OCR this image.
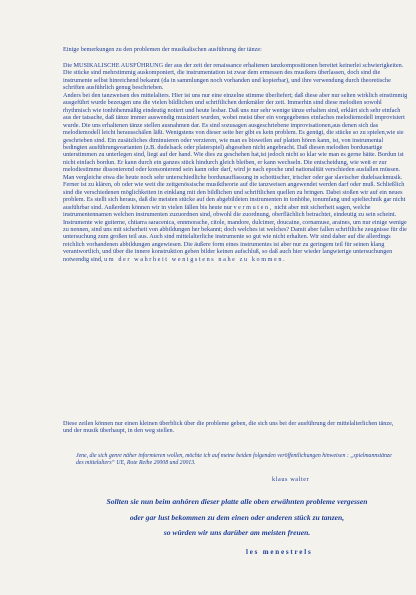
Einige bemerkungen zu den problemen der musikalischen ausführung der tänze:

Die MUSIKALISCHE AUSFÜHRUNG der aus der zeit der renaissance erhaltenen tanzkompositionen bereitet keinerlei schwierigkeiten. Die stücke sind mehrstimmig auskomponiert, die instrumentation ist zwar dem ermessen des musikers überlassen, doch sind die instrumente selbst hinreichend bekannt (da in sammlungen noch vorhanden und kopierbar), und ihre verwendung durch theoretische schriften ausführlich genug beschrieben.
Anders bei den tanzweisen des mittelalters. Hier ist uns nur eine einzelne stimme überliefert; daß diese aber nur selten wirklich einstimmig ausgeführt wurde bezeugen uns die vielen bildlichen und schriftlichen denkmäler der zeit. Immerhin sind diese melodien sowohl rhythmisch wie tonhöhenmäßig eindeutig notiert und heute lesbar. Daß uns nur sehr wenige tänze erhalten sind, erklärt sich sehr einfach aus der tatsache, daß tänze immer auswendig musiziert wurden, wobei meist über ein vorgegebenes einfaches melodiemodell improvisiert wurde. Die uns erhaltenen tänze stellen ausnahmen dar. Es sind sozusagen ausgeschriebene improvisationen,aus denen sich das melodiemodell leicht herausschälen läßt. Wenigstens von dieser seite her gibt es kein problem. Es genügt, die stücke so zu spielen,wie sie geschrieben sind. Ein zusätzliches diminuieren oder verzieren, wie man es bisweilen auf platten hören kann, ist, von instrumental bedingten ausführungsvarianten (z.B. dudelsack oder platerspiel) abgesehen nicht angebracht. Daß diesen melodien bordunartige unterstimmen zu unterlegen sind, liegt auf der hand. Wie dies zu geschehen hat,ist jedoch nicht so klar wie man es gerne hätte. Bordun ist nicht einfach bordun. Er kann durch ein ganzes stück hindurch gleich bleiben, er kann wechseln. Die entscheidung, wie weit er zur melodiestimme dissonierend oder konsonierend sein kann oder darf, wird je nach epoche und nationalität verschieden ausfallen müssen. Man vergleiche etwa die heute noch sehr unterschiedliche bordunauffassung in schottischer, irischer oder gar slavischer dudelsackmusik. Ferner ist zu klären, ob oder wie weit die zeitgenössische musiktheorie auf die tanzweisen angewendet werden darf oder muß. Schließlich sind die verschiedenen möglichkeiten in einklang mit den bildlichen und schriftlichen quellen zu bringen. Dabei stoßen wir auf ein neues problem. Es stellt sich heraus, daß die meisten stücke auf den abgebildeten instrumenten in tonhöhe, tonumfang und spieltechnik gar nicht ausführbar sind. Außerdem können wir in vielen fällen bis heute nur vermuten, nicht aber mit sicherheit sagen, welche instrumentennamen welchen instrumenten zuzuordnen sind, obwohl die zuordnung, oberflächlich betrachtet, eindeutig zu sein scheint. Instrumente wie guiterne, chitarra saracenica, ennmorache, citole, mandore, dulcimer, doucaine, cornamuse, araines, um nur einige wenige zu nennen, sind uns mit sicherheit von abbildungen her bekannt; doch welches ist welches? Damit aber fallen schriftliche zeugnisse für die untersuchung zum großen teil aus. Auch sind mittelalterliche instrumente so gut wie nicht erhalten. Wir sind daher auf die allerdings reichlich vorhandenen abbildungen angewiesen. Die äußere form eines instrumentes ist aber nur zu geringem teil für seinen klang verantwortlich, und über die innere konstruktion geben bilder keinen aufschluß, so daß auch hier wieder langwierige untersuchungen notwendig sind, um der wahrheit wenigstens nahe zu kommen.

Diese zeilen können nur einen kleinen überblick über die probleme geben, die sich uns bei der ausführung der mittelalterlichen tänze, und der musik überhaupt, in den weg stellen.

Jene, die sich genre näher informieren wollen, möchte ich auf meine beiden folgenden veröffentlichungen hinweisen : „spielmannstänze des mittelalters“ UE, Rote Reihe 20008 und 20013.

klaus walter
Sollten sie nun beim anhören dieser platte alle oben erwähnten probleme vergessen
oder gar lust bekommen zu dem einen oder anderen stück zu tanzen,
so würden wir uns darüber am meisten freuen.
les menestrels
